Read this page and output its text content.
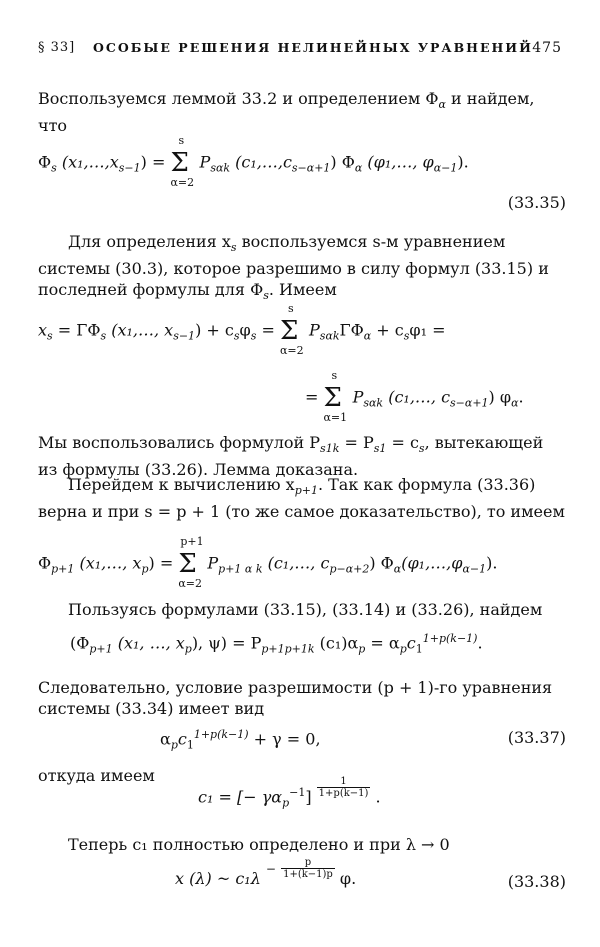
§ 33] ОСОБЫЕ РЕШЕНИЯ НЕЛИНЕЙНЫХ УРАВНЕНИЙ 475
Воспользуемся леммой 33.2 и определением $\Phi_\alpha$ и найдем, что
$\Phi_s$ $(x_1,\dots,x_{s-1})$ =
s
Σ
α=2
$P_{s\alpha k}$ $(c_1,\dots,c_{s-\alpha+1})$ $\Phi_\alpha$ (φ₁,…, $\varphi_{\alpha-1}$).
(33.35)
Для определения $x_s$ воспользуемся s-м уравнением системы (30.3), которое разрешимо в силу формул (33.15) и последней формулы для $\Phi_s$. Имеем
$x_s = \Gamma\Phi_s$ (x₁,…, $x_{s-1}) + c_s\varphi_s$ =
s
Σ
α=2
$P_{s\alpha k}\Gamma\Phi_\alpha + c_s\varphi_1$ =
=
s
Σ
α=1
$P_{s\alpha k}$ (c₁,…, $c_{s-\alpha+1}$) $\varphi_\alpha$.
Мы воспользовались формулой $P_{s1k} = P_{s1} = c_s$, вытекающей из формулы (33.26). Лемма доказана.
Перейдем к вычислению $x_{p+1}$. Так как формула (33.36) верна и при s = p + 1 (то же самое доказательство), то имеем
$\Phi_{p+1}$ (x₁,…, $x_p$) =
p+1
Σ
α=2
$P_{p+1 \alpha k}$ (c₁,…, $c_{p-\alpha+2}$) $\Phi_\alpha(\varphi_1,\dots,\varphi_{\alpha-1})$.
Пользуясь формулами (33.15), (33.14) и (33.26), найдем
($\Phi_{p+1}$ (x₁, …, $x_p$), $\psi) = P_{p+1p+1k}$ $(c_1)\alpha_p = \alpha_pc_1^{1+p(k-1)}$.
Следовательно, условие разрешимости (p + 1)-го уравнения системы (33.34) имеет вид
$\alpha_pc_1^{1+p(k-1)} + \gamma = 0$,	(33.37)
откуда имеем
c₁ = [− $\gamma\alpha_p^{-1}] \frac{1}{1+p(k-1)}$ .
Теперь c₁ полностью определено и при λ → 0
x (λ) ~ c₁λ $^- \frac{p}{1+(k-1)p} \varphi$.	(33.38)
